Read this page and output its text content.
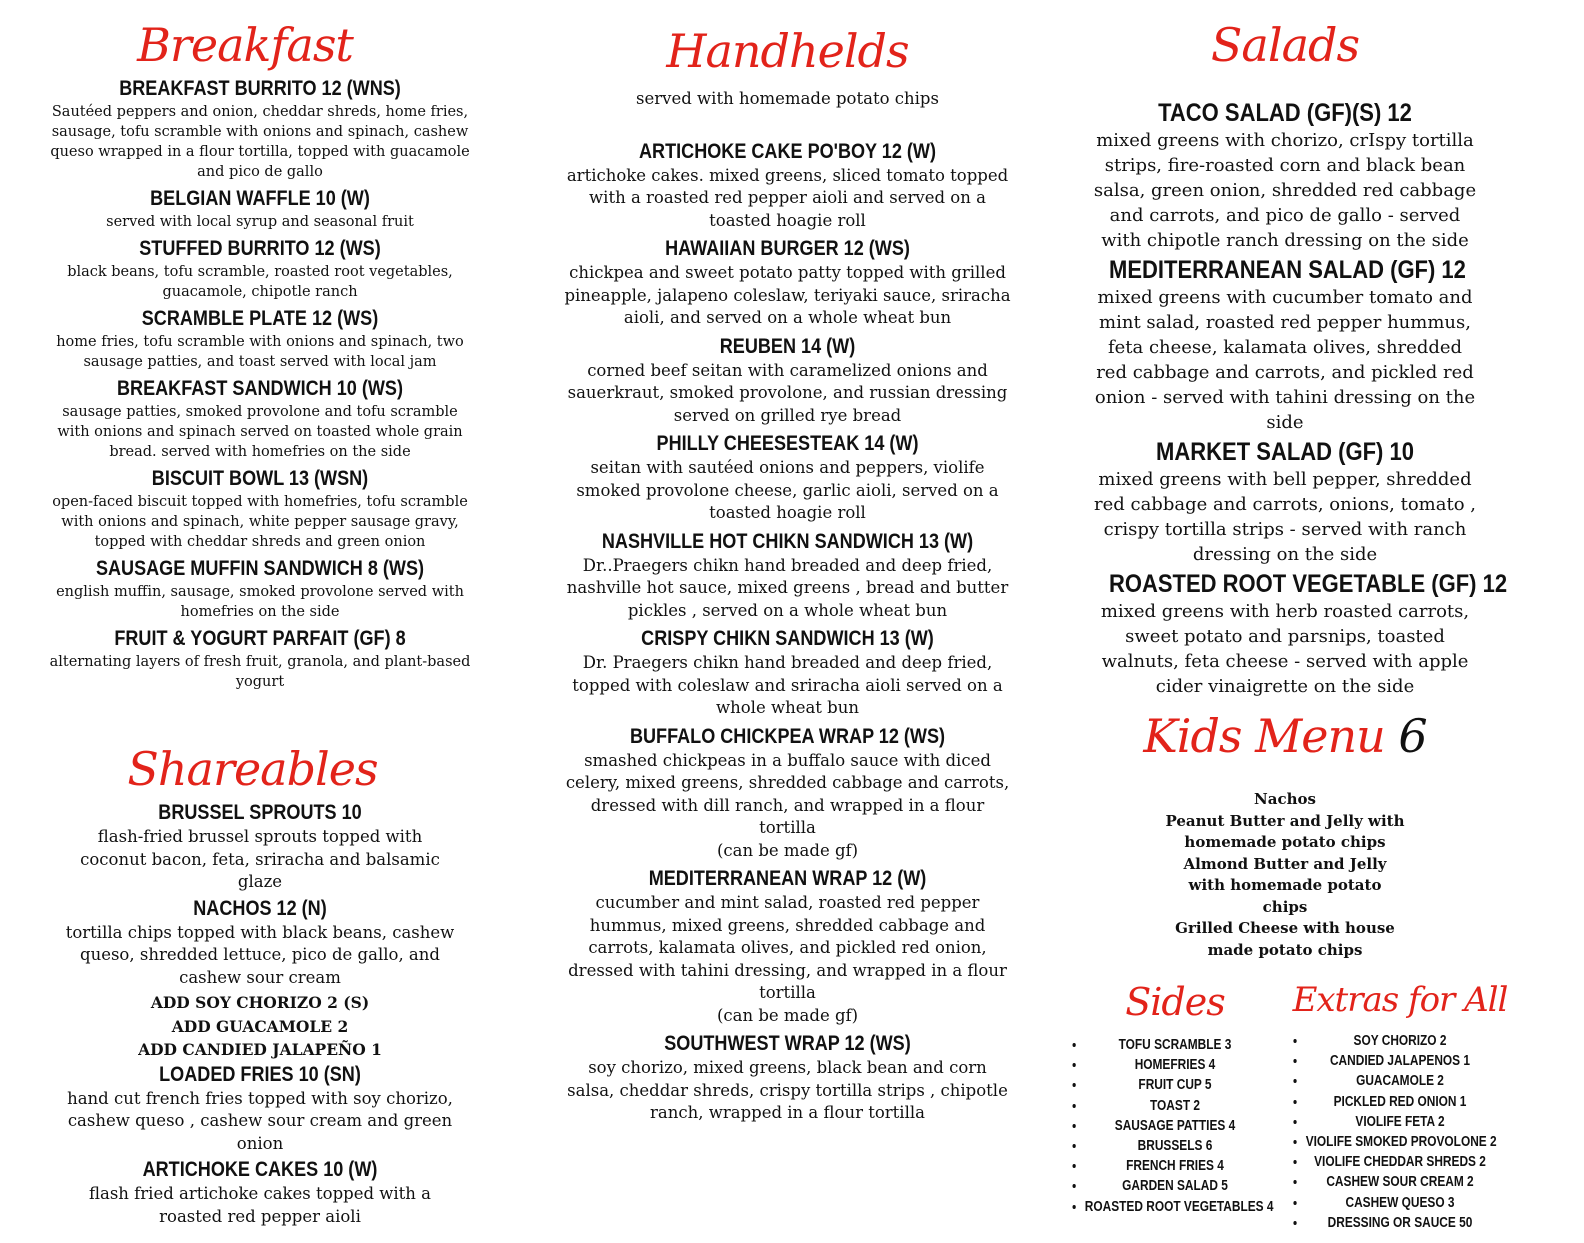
Breakfast
BREAKFAST BURRITO 12 (WNS)
Sautéed peppers and onion, cheddar shreds, home fries, sausage, tofu scramble with onions and spinach, cashew queso wrapped in a flour tortilla, topped with guacamole and pico de gallo
BELGIAN WAFFLE 10 (W)
served with local syrup and seasonal fruit
STUFFED BURRITO 12 (WS)
black beans, tofu scramble, roasted root vegetables, guacamole, chipotle ranch
SCRAMBLE PLATE 12 (WS)
home fries, tofu scramble with onions and spinach, two sausage patties, and toast served with local jam
BREAKFAST SANDWICH 10 (WS)
sausage patties, smoked provolone and tofu scramble with onions and spinach served on toasted whole grain bread. served with homefries on the side
BISCUIT BOWL 13 (WSN)
open-faced biscuit topped with homefries, tofu scramble with onions and spinach, white pepper sausage gravy, topped with cheddar shreds and green onion
SAUSAGE MUFFIN SANDWICH 8 (WS)
english muffin, sausage, smoked provolone served with homefries on the side
FRUIT & YOGURT PARFAIT (GF) 8
alternating layers of fresh fruit, granola, and plant-based yogurt
Shareables
BRUSSEL SPROUTS 10
flash-fried brussel sprouts topped with coconut bacon, feta, sriracha and balsamic glaze
NACHOS 12 (N)
tortilla chips topped with black beans, cashew queso, shredded lettuce, pico de gallo, and cashew sour cream
ADD SOY CHORIZO 2 (S)
ADD GUACAMOLE 2
ADD CANDIED JALAPEÑO 1
LOADED FRIES 10 (SN)
hand cut french fries topped with soy chorizo, cashew queso , cashew sour cream and green onion
ARTICHOKE CAKES 10 (W)
flash fried artichoke cakes topped with a roasted red pepper aioli
Handhelds
served with homemade potato chips
ARTICHOKE CAKE PO'BOY 12 (W)
artichoke cakes. mixed greens, sliced tomato topped with a roasted red pepper aioli and served on a toasted hoagie roll
HAWAIIAN BURGER 12 (WS)
chickpea and sweet potato patty topped with grilled pineapple, jalapeno coleslaw, teriyaki sauce, sriracha aioli, and served on a whole wheat bun
REUBEN 14 (W)
corned beef seitan with caramelized onions and sauerkraut, smoked provolone, and russian dressing served on grilled rye bread
PHILLY CHEESESTEAK 14 (W)
seitan with sautéed onions and peppers, violife smoked provolone cheese, garlic aioli, served on a toasted hoagie roll
NASHVILLE HOT CHIKN SANDWICH 13 (W)
Dr..Praegers chikn hand breaded and deep fried, nashville hot sauce, mixed greens , bread and butter pickles , served on a whole wheat bun
CRISPY CHIKN SANDWICH 13 (W)
Dr. Praegers chikn hand breaded and deep fried, topped with coleslaw and sriracha aioli served on a whole wheat bun
BUFFALO CHICKPEA WRAP 12 (WS)
smashed chickpeas in a buffalo sauce with diced celery, mixed greens, shredded cabbage and carrots, dressed with dill ranch, and wrapped in a flour tortilla
(can be made gf)
MEDITERRANEAN WRAP 12 (W)
cucumber and mint salad, roasted red pepper hummus, mixed greens, shredded cabbage and carrots, kalamata olives, and pickled red onion, dressed with tahini dressing, and wrapped in a flour tortilla
(can be made gf)
SOUTHWEST WRAP 12 (WS)
soy chorizo, mixed greens, black bean and corn salsa, cheddar shreds, crispy tortilla strips , chipotle ranch, wrapped in a flour tortilla
Salads
TACO SALAD (GF)(S) 12
mixed greens with chorizo, crIspy tortilla strips, fire-roasted corn and black bean salsa, green onion, shredded red cabbage and carrots, and pico de gallo - served with chipotle ranch dressing on the side
MEDITERRANEAN SALAD (GF) 12
mixed greens with cucumber tomato and mint salad, roasted red pepper hummus, feta cheese, kalamata olives, shredded red cabbage and carrots, and pickled red onion - served with tahini dressing on the side
MARKET SALAD (GF) 10
mixed greens with bell pepper, shredded red cabbage and carrots, onions, tomato , crispy tortilla strips - served with ranch dressing on the side
ROASTED ROOT VEGETABLE (GF) 12
mixed greens with herb roasted carrots, sweet potato and parsnips, toasted walnuts, feta cheese - served with apple cider vinaigrette on the side
Kids Menu 6
Nachos
Peanut Butter and Jelly with homemade potato chips
Almond Butter and Jelly with homemade potato chips
Grilled Cheese with house made potato chips
Sides
• TOFU SCRAMBLE 3
• HOMEFRIES 4
• FRUIT CUP 5
• TOAST 2
• SAUSAGE PATTIES 4
• BRUSSELS 6
• FRENCH FRIES 4
• GARDEN SALAD 5
• ROASTED ROOT VEGETABLES 4
Extras for All
• SOY CHORIZO 2
• CANDIED JALAPENOS 1
• GUACAMOLE 2
• PICKLED RED ONION 1
• VIOLIFE FETA 2
• VIOLIFE SMOKED PROVOLONE 2
• VIOLIFE CHEDDAR SHREDS 2
• CASHEW SOUR CREAM 2
• CASHEW QUESO 3
• DRESSING OR SAUCE 50
